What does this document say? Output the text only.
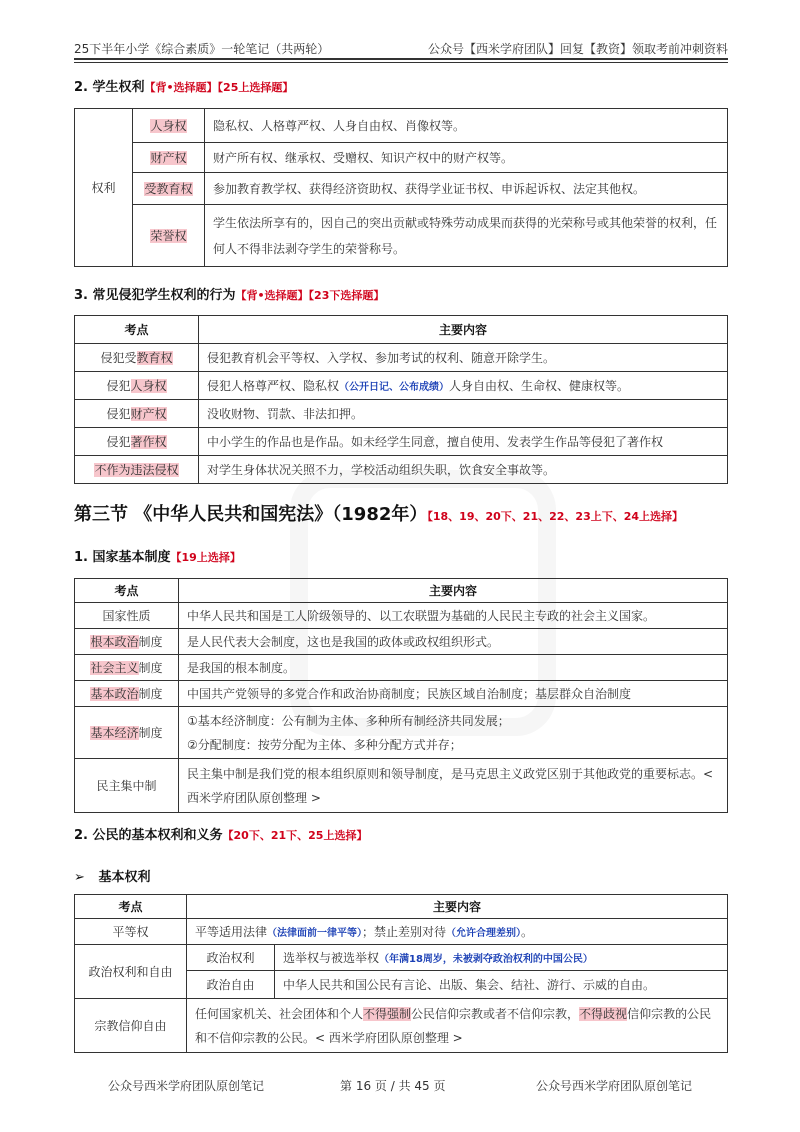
25下半年小学《综合素质》一轮笔记（共两轮）	公众号【西米学府团队】回复【教资】领取考前冲刺资料
2. 学生权利【背•选择题】【25上选择题】
权利	人身权	隐私权、人格尊严权、人身自由权、肖像权等。
	财产权	财产所有权、继承权、受赠权、知识产权中的财产权等。
	受教育权	参加教育教学权、获得经济资助权、获得学业证书权、申诉起诉权、法定其他权。
	荣誉权	学生依法所享有的，因自己的突出贡献或特殊劳动成果而获得的光荣称号或其他荣誉的权利，任何人不得非法剥夺学生的荣誉称号。
3. 常见侵犯学生权利的行为【背•选择题】【23下选择题】
考点	主要内容
侵犯受教育权	侵犯教育机会平等权、入学权、参加考试的权利、随意开除学生。
侵犯人身权	侵犯人格尊严权、隐私权（公开日记、公布成绩）人身自由权、生命权、健康权等。
侵犯财产权	没收财物、罚款、非法扣押。
侵犯著作权	中小学生的作品也是作品。如未经学生同意，擅自使用、发表学生作品等侵犯了著作权
不作为违法侵权	对学生身体状况关照不力，学校活动组织失职，饮食安全事故等。
第三节 《中华人民共和国宪法》（1982年）【18、19、20下、21、22、23上下、24上选择】
1. 国家基本制度【19上选择】
考点	主要内容
国家性质	中华人民共和国是工人阶级领导的、以工农联盟为基础的人民民主专政的社会主义国家。
根本政治制度	是人民代表大会制度，这也是我国的政体或政权组织形式。
社会主义制度	是我国的根本制度。
基本政治制度	中国共产党领导的多党合作和政治协商制度；民族区域自治制度；基层群众自治制度
基本经济制度	①基本经济制度：公有制为主体、多种所有制经济共同发展；
②分配制度：按劳分配为主体、多种分配方式并存；

民主集中制	民主集中制是我们党的根本组织原则和领导制度，是马克思主义政党区别于其他政党的重要标志。< 西米学府团队原创整理 >
2. 公民的基本权利和义务【20下、21下、25上选择】
➢ 基本权利
考点	主要内容	
平等权	平等适用法律（法律面前一律平等）；禁止差别对待（允许合理差别）。	
政治权利和自由	政治权利	选举权与被选举权（年满18周岁，未被剥夺政治权利的中国公民）
	政治自由	中华人民共和国公民有言论、出版、集会、结社、游行、示威的自由。
宗教信仰自由	任何国家机关、社会团体和个人不得强制公民信仰宗教或者不信仰宗教，不得歧视信仰宗教的公民和不信仰宗教的公民。< 西米学府团队原创整理 >	
公众号西米学府团队原创笔记	第 16 页 / 共 45 页	公众号西米学府团队原创笔记
